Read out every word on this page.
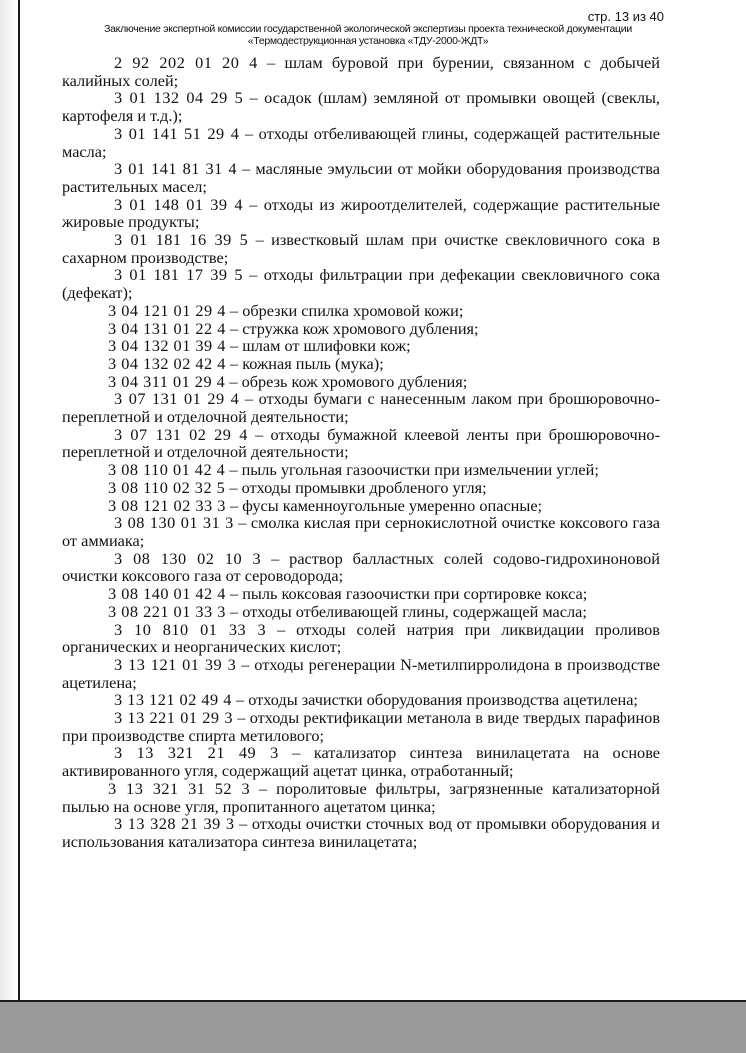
стр. 13 из 40
Заключение экспертной комиссии государственной экологической экспертизы проекта технической документации «Термодеструкционная установка «ТДУ-2000-ЖДТ»

2 92 202 01 20 4 – шлам буровой при бурении, связанном с добычей калийных солей;

3 01 132 04 29 5 – осадок (шлам) земляной от промывки овощей (свеклы, картофеля и т.д.);

3 01 141 51 29 4 – отходы отбеливающей глины, содержащей растительные масла;

3 01 141 81 31 4 – масляные эмульсии от мойки оборудования производства растительных масел;

3 01 148 01 39 4 – отходы из жироотделителей, содержащие растительные жировые продукты;

3 01 181 16 39 5 – известковый шлам при очистке свекловичного сока в сахарном производстве;

3 01 181 17 39 5 – отходы фильтрации при дефекации свекловичного сока (дефекат);

3 04 121 01 29 4 – обрезки спилка хромовой кожи;

3 04 131 01 22 4 – стружка кож хромового дубления;

3 04 132 01 39 4 – шлам от шлифовки кож;

3 04 132 02 42 4 – кожная пыль (мука);

3 04 311 01 29 4 – обрезь кож хромового дубления;

3 07 131 01 29 4 – отходы бумаги с нанесенным лаком при брошюровочно-переплетной и отделочной деятельности;

3 07 131 02 29 4 – отходы бумажной клеевой ленты при брошюровочно-переплетной и отделочной деятельности;

3 08 110 01 42 4 – пыль угольная газоочистки при измельчении углей;

3 08 110 02 32 5 – отходы промывки дробленого угля;

3 08 121 02 33 3 – фусы каменноугольные умеренно опасные;

3 08 130 01 31 3 – смолка кислая при сернокислотной очистке коксового газа от аммиака;

3 08 130 02 10 3 – раствор балластных солей содово-гидрохиноновой очистки коксового газа от сероводорода;

3 08 140 01 42 4 – пыль коксовая газоочистки при сортировке кокса;

3 08 221 01 33 3 – отходы отбеливающей глины, содержащей масла;

3 10 810 01 33 3 – отходы солей натрия при ликвидации проливов органических и неорганических кислот;

3 13 121 01 39 3 – отходы регенерации N-метилпирролидона в производстве ацетилена;

3 13 121 02 49 4 – отходы зачистки оборудования производства ацетилена;

3 13 221 01 29 3 – отходы ректификации метанола в виде твердых парафинов при производстве спирта метилового;

3 13 321 21 49 3 – катализатор синтеза винилацетата на основе активированного угля, содержащий ацетат цинка, отработанный;

3 13 321 31 52 3 – поролитовые фильтры, загрязненные катализаторной пылью на основе угля, пропитанного ацетатом цинка;

3 13 328 21 39 3 – отходы очистки сточных вод от промывки оборудования и использования катализатора синтеза винилацетата;
